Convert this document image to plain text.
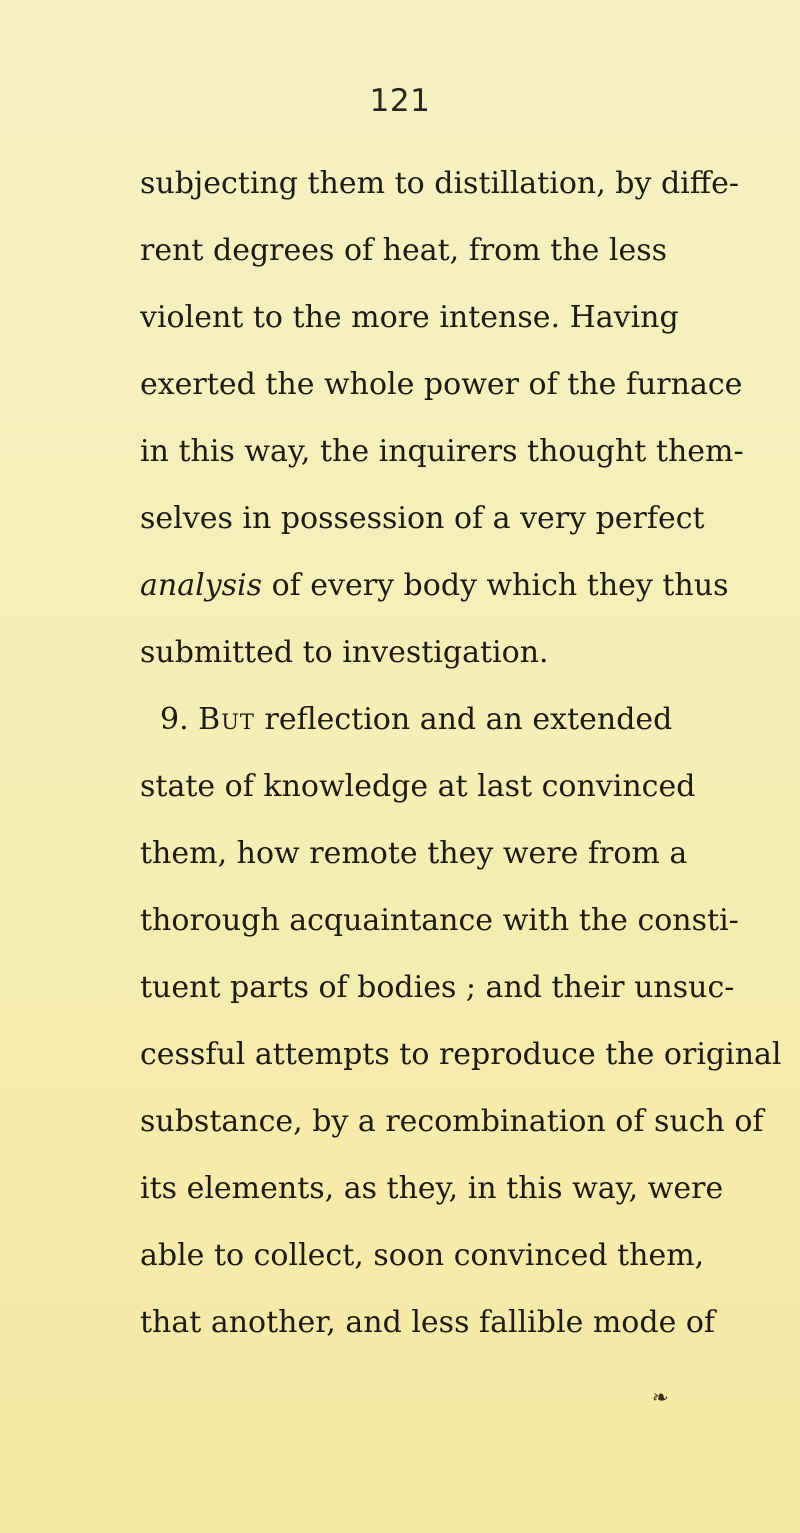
121
subjecting them to distillation, by diffe-
rent degrees of heat, from the less
violent to the more intense. Having
exerted the whole power of the furnace
in this way, the inquirers thought them-
selves in possession of a very perfect
analysis of every body which they thus
submitted to investigation.
9. But reflection and an extended
state of knowledge at last convinced
them, how remote they were from a
thorough acquaintance with the consti-
tuent parts of bodies ; and their unsuc-
cessful attempts to reproduce the original
substance, by a recombination of such of
its elements, as they, in this way, were
able to collect, soon convinced them,
that another, and less fallible mode of
❧
